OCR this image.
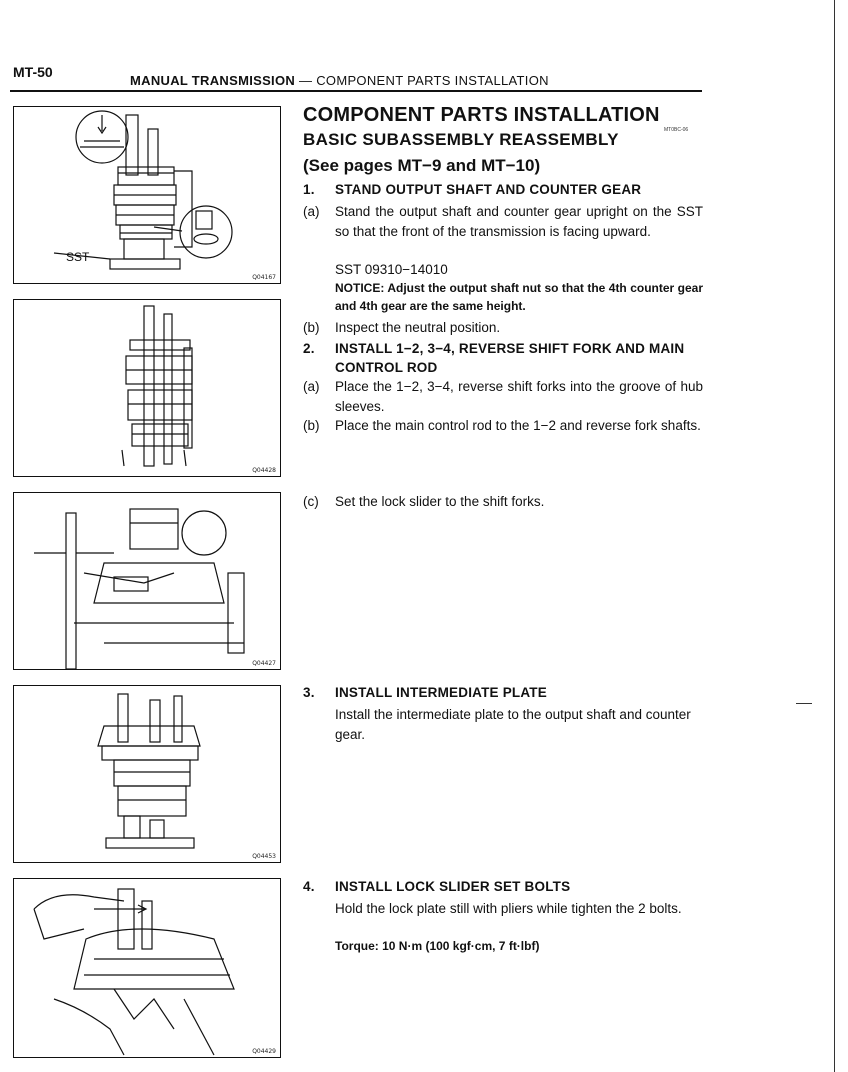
MT-50
MANUAL TRANSMISSION — COMPONENT PARTS INSTALLATION
SST
Q04167
Q04428
Q04427
Q04453
Q04429
COMPONENT PARTS INSTALLATION
MT0BC-06
BASIC SUBASSEMBLY REASSEMBLY
(See pages MT−9 and MT−10)
1.	STAND OUTPUT SHAFT AND COUNTER GEAR
(a)	Stand the output shaft and counter gear upright on the SST so that the front of the transmission is facing upward.
SST 09310−14010
NOTICE: Adjust the output shaft nut so that the 4th counter gear and 4th gear are the same height.
(b)	Inspect the neutral position.
2.	INSTALL 1−2, 3−4, REVERSE SHIFT FORK AND MAIN CONTROL ROD
(a)	Place the 1−2, 3−4, reverse shift forks into the groove of hub sleeves.
(b)	Place the main control rod to the 1−2 and reverse fork shafts.
(c)	Set the lock slider to the shift forks.
3.	INSTALL INTERMEDIATE PLATE
Install the intermediate plate to the output shaft and counter gear.
4.	INSTALL LOCK SLIDER SET BOLTS
Hold the lock plate still with pliers while tighten the 2 bolts.
Torque: 10 N·m (100 kgf·cm, 7 ft·lbf)
